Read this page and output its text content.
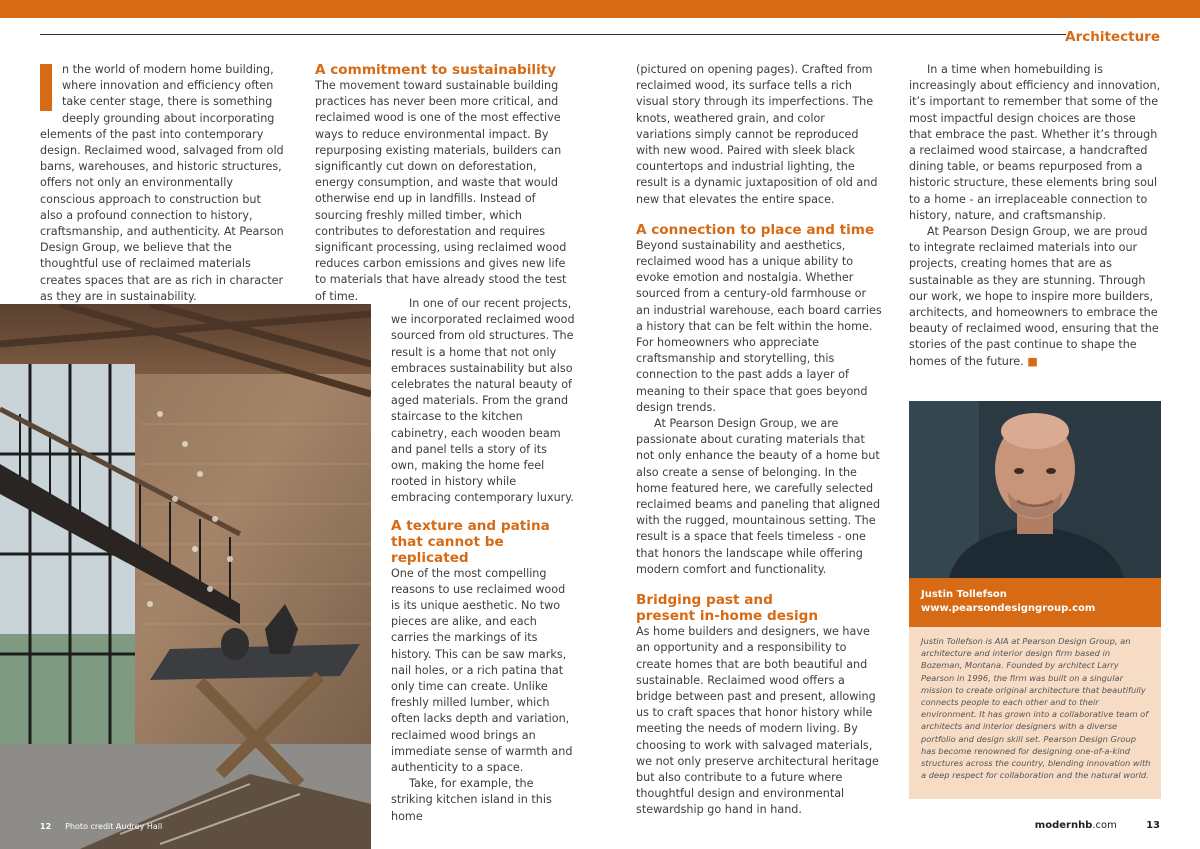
Architecture

n the world of modern home building, where innovation and efficiency often take center stage, there is something deeply grounding about incorporating elements of the past into contemporary design. Reclaimed wood, salvaged from old barns, warehouses, and historic structures, offers not only an environmentally conscious approach to construction but also a profound connection to history, craftsmanship, and authenticity. At Pearson Design Group, we believe that the thoughtful use of reclaimed materials creates spaces that are as rich in character as they are in sustainability.

12 Photo credit Audrey Hall
A commitment to sustainability

The movement toward sustainable building practices has never been more critical, and reclaimed wood is one of the most effective ways to reduce environmental impact. By repurposing existing materials, builders can significantly cut down on deforestation, energy consumption, and waste that would otherwise end up in landfills. Instead of sourcing freshly milled timber, which contributes to deforestation and requires significant processing, using reclaimed wood reduces carbon emissions and gives new life to materials that have already stood the test of time.

In one of our recent projects, we incorporated reclaimed wood sourced from old structures. The result is a home that not only embraces sustainability but also celebrates the natural beauty of aged materials. From the grand staircase to the kitchen cabinetry, each wooden beam and panel tells a story of its own, making the home feel rooted in history while embracing contemporary luxury.

A texture and patina that cannot be replicated

One of the most compelling reasons to use reclaimed wood is its unique aesthetic. No two pieces are alike, and each carries the markings of its history. This can be saw marks, nail holes, or a rich patina that only time can create. Unlike freshly milled lumber, which often lacks depth and variation, reclaimed wood brings an immediate sense of warmth and authenticity to a space.

Take, for example, the striking kitchen island in this home

(pictured on opening pages). Crafted from reclaimed wood, its surface tells a rich visual story through its imperfections. The knots, weathered grain, and color variations simply cannot be reproduced with new wood. Paired with sleek black countertops and industrial lighting, the result is a dynamic juxtaposition of old and new that elevates the entire space.

A connection to place and time

Beyond sustainability and aesthetics, reclaimed wood has a unique ability to evoke emotion and nostalgia. Whether sourced from a century-old farmhouse or an industrial warehouse, each board carries a history that can be felt within the home. For homeowners who appreciate craftsmanship and storytelling, this connection to the past adds a layer of meaning to their space that goes beyond design trends.

At Pearson Design Group, we are passionate about curating materials that not only enhance the beauty of a home but also create a sense of belonging. In the home featured here, we carefully selected reclaimed beams and paneling that aligned with the rugged, mountainous setting. The result is a space that feels timeless - one that honors the landscape while offering modern comfort and functionality.

Bridging past and present in-home design

As home builders and designers, we have an opportunity and a responsibility to create homes that are both beautiful and sustainable. Reclaimed wood offers a bridge between past and present, allowing us to craft spaces that honor history while meeting the needs of modern living. By choosing to work with salvaged materials, we not only preserve architectural heritage but also contribute to a future where thoughtful design and environmental stewardship go hand in hand.

In a time when homebuilding is increasingly about efficiency and innovation, it’s important to remember that some of the most impactful design choices are those that embrace the past. Whether it’s through a reclaimed wood staircase, a handcrafted dining table, or beams repurposed from a historic structure, these elements bring soul to a home - an irreplaceable connection to history, nature, and craftsmanship.

At Pearson Design Group, we are proud to integrate reclaimed materials into our projects, creating homes that are as sustainable as they are stunning. Through our work, we hope to inspire more builders, architects, and homeowners to embrace the beauty of reclaimed wood, ensuring that the stories of the past continue to shape the homes of the future. ■

Justin Tollefson
www.pearsondesigngroup.com

Justin Tollefson is AIA at Pearson Design Group, an architecture and interior design firm based in Bozeman, Montana. Founded by architect Larry Pearson in 1996, the firm was built on a singular mission to create original architecture that beautifully connects people to each other and to their environment. It has grown into a collaborative team of architects and interior designers with a diverse portfolio and design skill set. Pearson Design Group has become renowned for designing one-of-a-kind structures across the country, blending innovation with a deep respect for collaboration and the natural world.

modernhb.com	13
